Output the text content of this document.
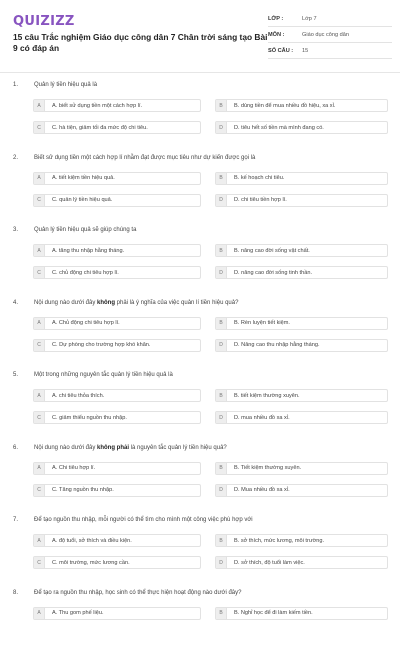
QUIZIZZ
15 câu Trắc nghiệm Giáo dục công dân 7 Chân trời sáng tạo Bài 9 có đáp án
LỚP :	Lớp 7
MÔN :	Giáo dục công dân
SỐ CÂU :	15
1.	Quản lý tiền hiệu quả là
A	A. biết sử dụng tiền một cách hợp lí.	B	B. dùng tiền để mua nhiều đồ hiệu, xa xỉ.
C	C. hà tiện, giảm tối đa mức độ chi tiêu.	D	D. tiêu hết số tiền mà mình đang có.
2.	Biết sử dụng tiền một cách hợp lí nhằm đạt được mục tiêu như dự kiến được gọi là
A	A. tiết kiệm tiền hiệu quả.	B	B. kế hoạch chi tiêu.
C	C. quản lý tiền hiệu quả.	D	D. chi tiêu tiền hợp lí.
3.	Quản lý tiền hiệu quả sẽ giúp chúng ta
A	A. tăng thu nhập hằng tháng.	B	B. nâng cao đời sống vật chất.
C	C. chủ động chi tiêu hợp lí.	D	D. nâng cao đời sống tinh thần.
4.	Nội dung nào dưới đây không phải là ý nghĩa của việc quản lí tiền hiệu quả?
A	A. Chủ động chi tiêu hợp lí.	B	B. Rèn luyện tiết kiệm.
C	C. Dự phòng cho trường hợp khó khăn.	D	D. Nâng cao thu nhập hằng tháng.
5.	Một trong những nguyên tắc quản lý tiền hiệu quả là
A	A. chi tiêu thỏa thích.	B	B. tiết kiệm thường xuyên.
C	C. giảm thiểu nguồn thu nhập.	D	D. mua nhiều đồ xa xỉ.
6.	Nội dung nào dưới đây không phải là nguyên tắc quản lý tiền hiệu quả?
A	A. Chi tiêu hợp lí.	B	B. Tiết kiệm thường xuyên.
C	C. Tăng nguồn thu nhập.	D	D. Mua nhiều đồ xa xỉ.
7.	Để tạo nguồn thu nhập, mỗi người có thể tìm cho mình một công việc phù hợp với
A	A. độ tuổi, sở thích và điều kiện.	B	B. sở thích, mức lương, môi trường.
C	C. môi trường, mức lương cần.	D	D. sở thích, độ tuổi làm việc.
8.	Để tạo ra nguồn thu nhập, học sinh có thể thực hiện hoạt động nào dưới đây?
A	A. Thu gom phế liệu.	B	B. Nghỉ học để đi làm kiếm tiền.
